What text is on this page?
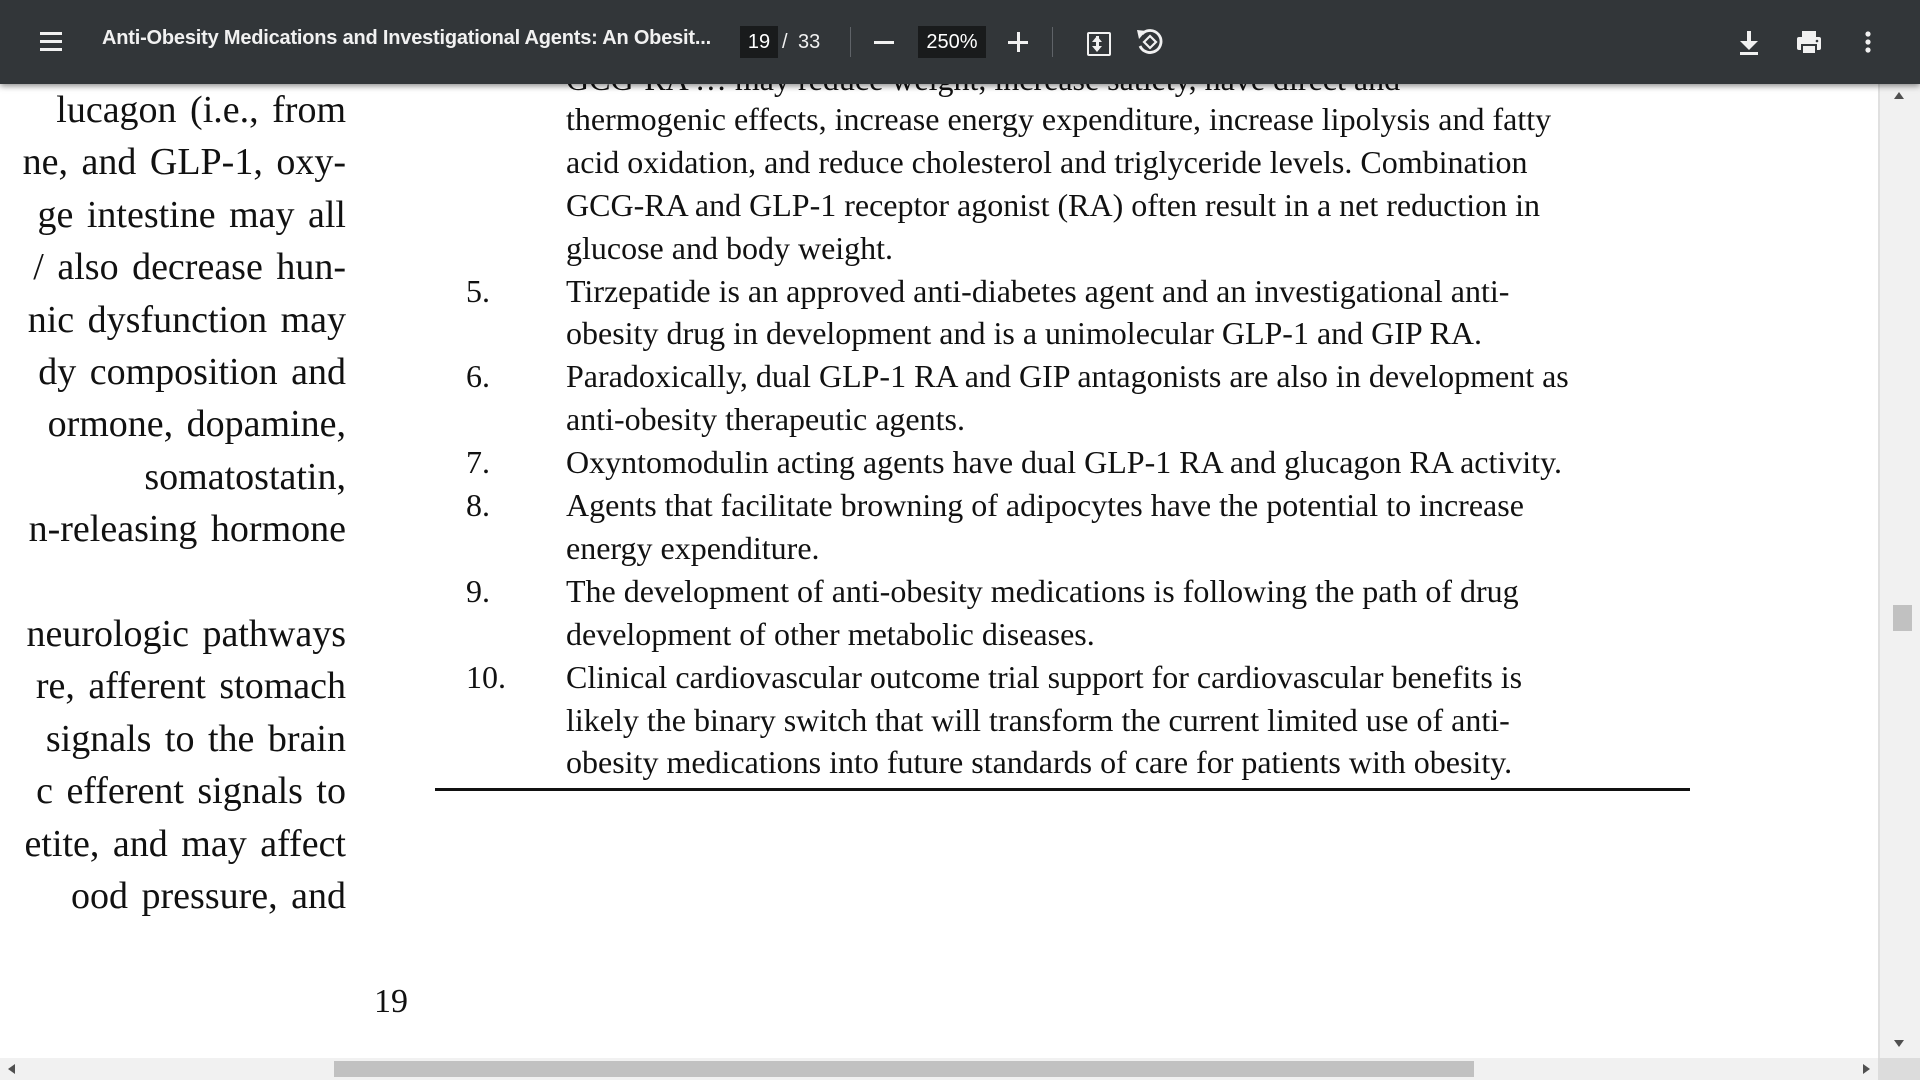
Anti-Obesity Medications and Investigational Agents: An Obesit...	19 / 33	250%
lucagon (i.e., from
ne, and GLP-1, oxy-
ge intestine may all
/ also decrease hun-
nic dysfunction may
dy composition and
ormone, dopamine,
somatostatin,
n-releasing hormone
neurologic pathways
re, afferent stomach
signals to the brain
c efferent signals to
etite, and may affect
ood pressure, and
19
thermogenic effects, increase energy expenditure, increase lipolysis and fatty
acid oxidation, and reduce cholesterol and triglyceride levels. Combination
GCG-RA and GLP-1 receptor agonist (RA) often result in a net reduction in
glucose and body weight.
5. Tirzepatide is an approved anti-diabetes agent and an investigational anti-
obesity drug in development and is a unimolecular GLP-1 and GIP RA.
6. Paradoxically, dual GLP-1 RA and GIP antagonists are also in development as
anti-obesity therapeutic agents.
7. Oxyntomodulin acting agents have dual GLP-1 RA and glucagon RA activity.
8. Agents that facilitate browning of adipocytes have the potential to increase
energy expenditure.
9. The development of anti-obesity medications is following the path of drug
development of other metabolic diseases.
10. Clinical cardiovascular outcome trial support for cardiovascular benefits is
likely the binary switch that will transform the current limited use of anti-
obesity medications into future standards of care for patients with obesity.
